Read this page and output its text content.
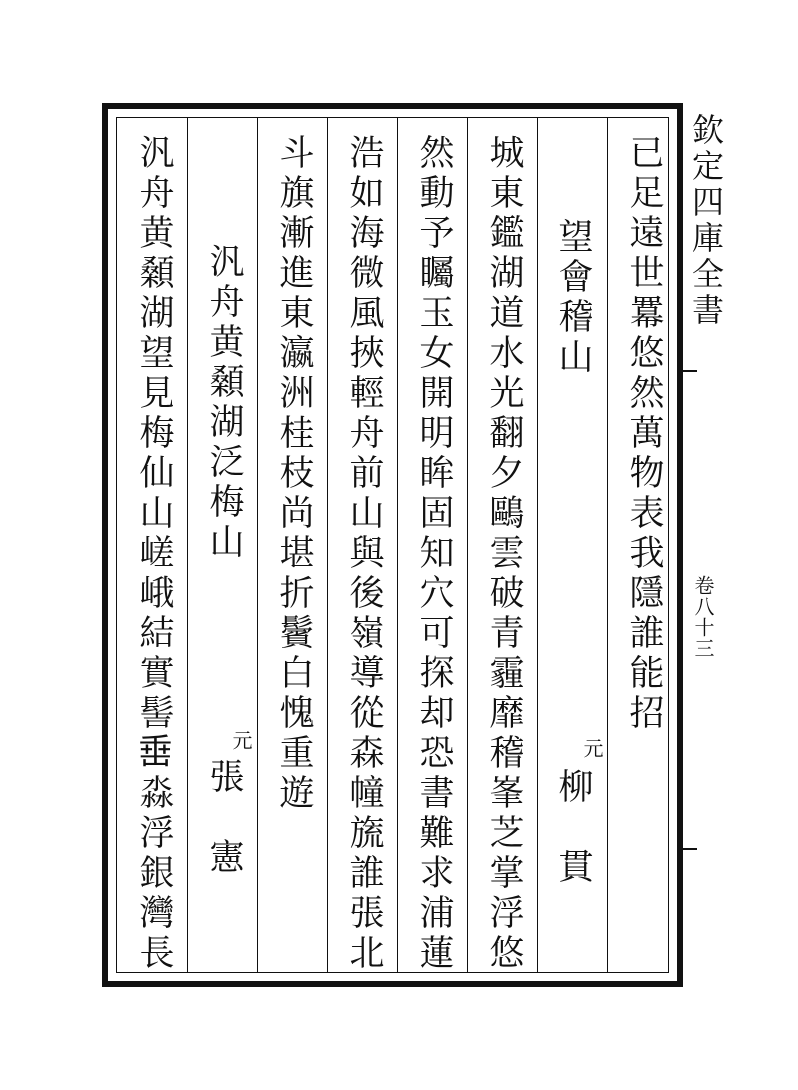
已足遠世羃悠然萬物表我隱誰能招
望會稽山
元
柳　貫
城東鑑湖道水光翻夕鷗雲破青霾靡稽峯芝掌浮悠
然動予矚玉女開明眸固知穴可探却恐書難求浦蓮
浩如海微風挾輕舟前山與後嶺導從森幢旒誰張北
斗旗漸進東瀛洲桂枝尚堪折鬢白愧重遊
汎舟黄顙湖泛梅山
元
張　憲
汎舟黄顙湖望見梅仙山嵯峨結實髻𡸁淼浮銀灣長	欽定四庫全書
卷八十三
